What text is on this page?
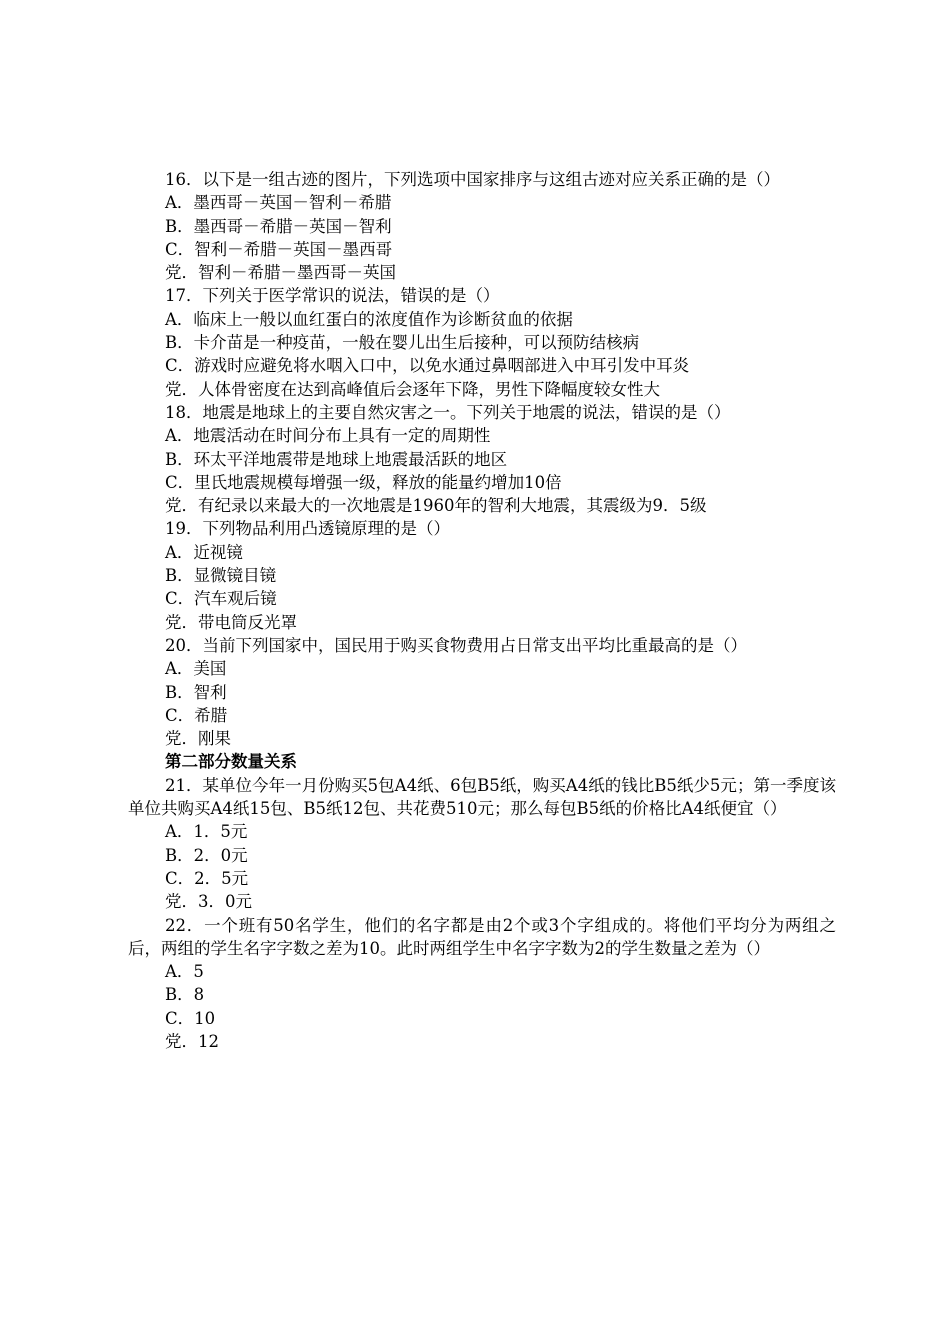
16．以下是一组古迹的图片，下列选项中国家排序与这组古迹对应关系正确的是（）

A．墨西哥－英国－智利－希腊

B．墨西哥－希腊－英国－智利

C．智利－希腊－英国－墨西哥

党．智利－希腊－墨西哥－英国

17．下列关于医学常识的说法，错误的是（）

A．临床上一般以血红蛋白的浓度值作为诊断贫血的依据

B．卡介苗是一种疫苗，一般在婴儿出生后接种，可以预防结核病

C．游戏时应避免将水咽入口中，以免水通过鼻咽部进入中耳引发中耳炎

党．人体骨密度在达到高峰值后会逐年下降，男性下降幅度较女性大

18．地震是地球上的主要自然灾害之一。下列关于地震的说法，错误的是（）

A．地震活动在时间分布上具有一定的周期性

B．环太平洋地震带是地球上地震最活跃的地区

C．里氏地震规模每增强一级，释放的能量约增加10倍

党．有纪录以来最大的一次地震是1960年的智利大地震，其震级为9．5级

19．下列物品利用凸透镜原理的是（）

A．近视镜

B．显微镜目镜

C．汽车观后镜

党．带电筒反光罩

20．当前下列国家中，国民用于购买食物费用占日常支出平均比重最高的是（）

A．美国

B．智利

C．希腊

党．刚果

第二部分数量关系

21．某单位今年一月份购买5包A4纸、6包B5纸，购买A4纸的钱比B5纸少5元；第一季度该单位共购买A4纸15包、B5纸12包、共花费510元；那么每包B5纸的价格比A4纸便宜（）

A．1．5元

B．2．0元

C．2．5元

党．3．0元

22．一个班有50名学生，他们的名字都是由2个或3个字组成的。将他们平均分为两组之后，两组的学生名字字数之差为10。此时两组学生中名字字数为2的学生数量之差为（）

A．5

B．8

C．10

党．12
